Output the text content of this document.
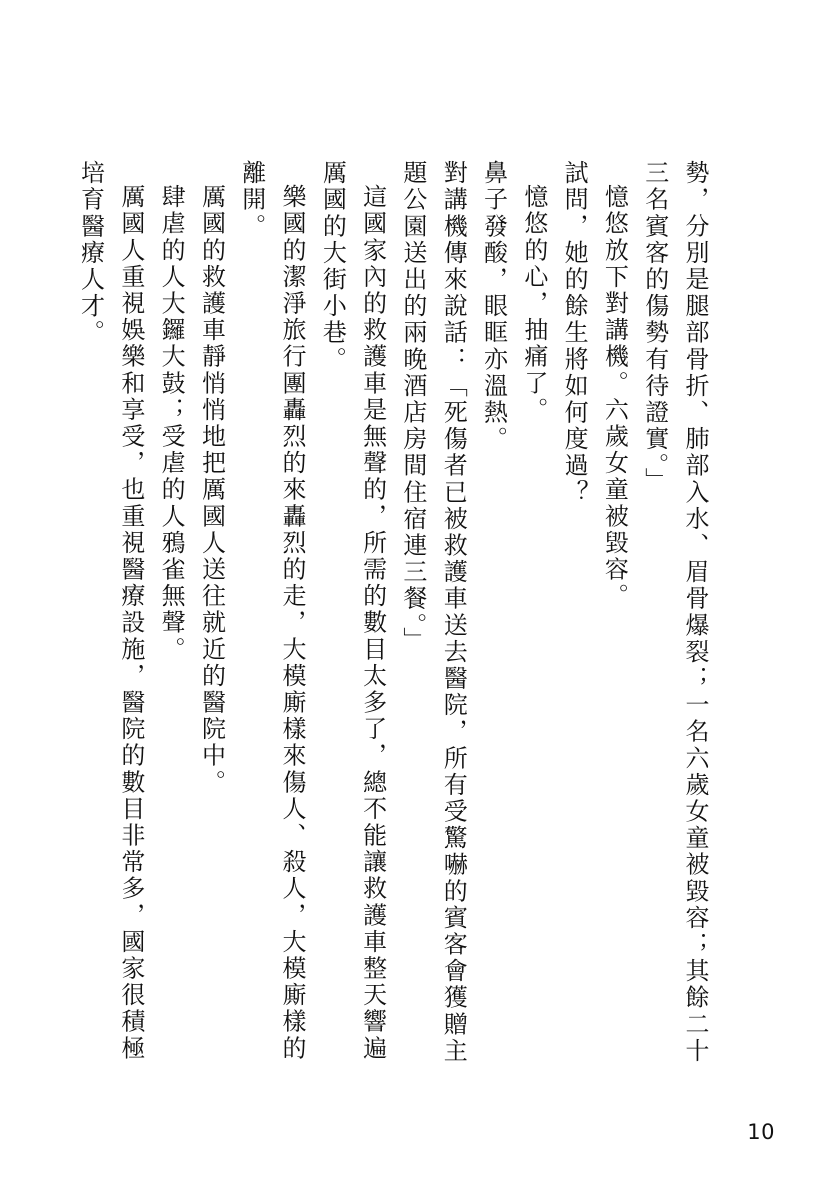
勢，分別是腿部骨折、肺部入水、眉骨爆裂；一名六歲女童被毀容；其餘二十三名賓客的傷勢有待證實。」

憶悠放下對講機。六歲女童被毀容。

試問，她的餘生將如何度過？

憶悠的心，抽痛了。

鼻子發酸，眼眶亦溫熱。

對講機傳來說話：「死傷者已被救護車送去醫院，所有受驚嚇的賓客會獲贈主題公園送出的兩晚酒店房間住宿連三餐。」

這國家內的救護車是無聲的，所需的數目太多了，總不能讓救護車整天響遍厲國的大街小巷。

樂國的潔淨旅行團轟烈的來轟烈的走，大模廝樣來傷人、殺人，大模廝樣的離開。

厲國的救護車靜悄悄地把厲國人送往就近的醫院中。

肆虐的人大鑼大鼓；受虐的人鴉雀無聲。

厲國人重視娛樂和享受，也重視醫療設施，醫院的數目非常多，國家很積極培育醫療人才。

10
